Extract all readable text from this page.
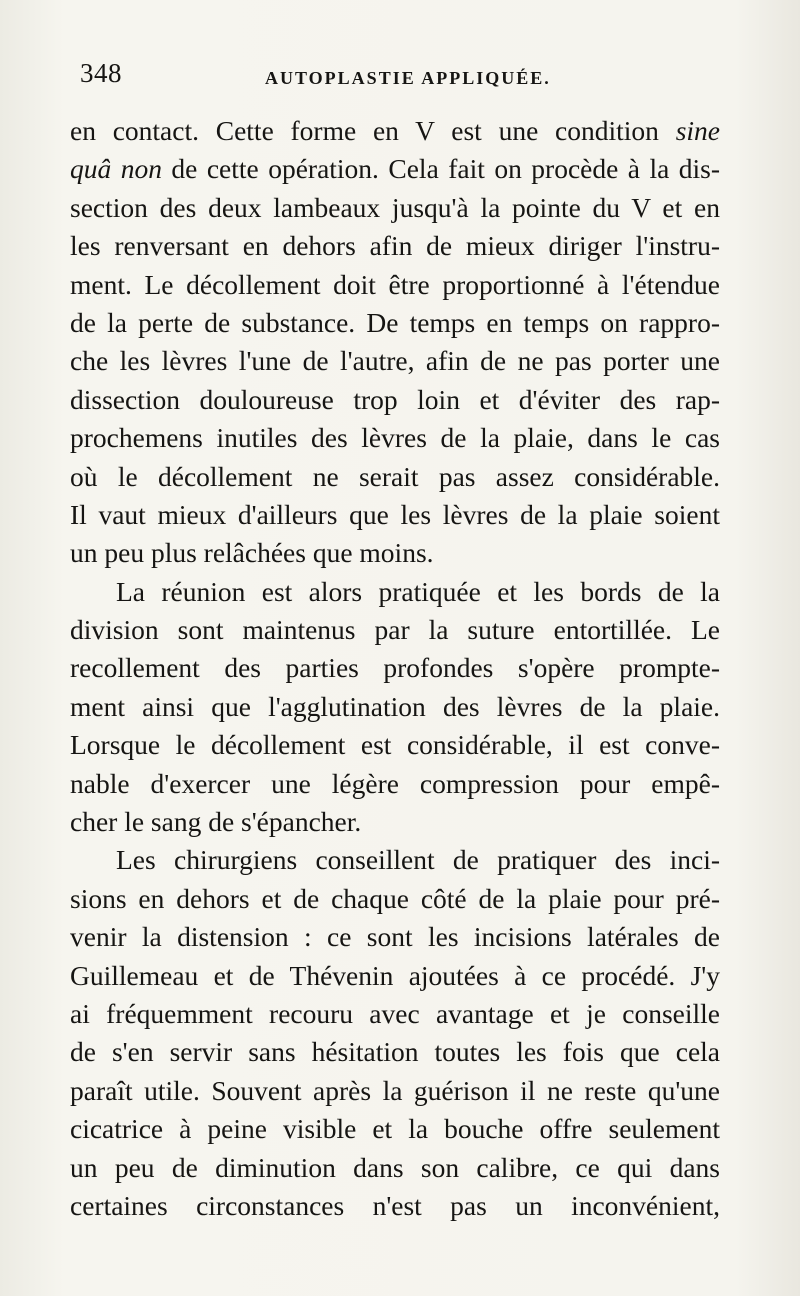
348	AUTOPLASTIE APPLIQUÉE.
en contact. Cette forme en V est une condition sine
quâ non de cette opération. Cela fait on procède à la dis-
section des deux lambeaux jusqu'à la pointe du V et en
les renversant en dehors afin de mieux diriger l'instru-
ment. Le décollement doit être proportionné à l'étendue
de la perte de substance. De temps en temps on rappro-
che les lèvres l'une de l'autre, afin de ne pas porter une
dissection douloureuse trop loin et d'éviter des rap-
prochemens inutiles des lèvres de la plaie, dans le cas
où le décollement ne serait pas assez considérable.
Il vaut mieux d'ailleurs que les lèvres de la plaie soient
un peu plus relâchées que moins.
La réunion est alors pratiquée et les bords de la
division sont maintenus par la suture entortillée. Le
recollement des parties profondes s'opère prompte-
ment ainsi que l'agglutination des lèvres de la plaie.
Lorsque le décollement est considérable, il est conve-
nable d'exercer une légère compression pour empê-
cher le sang de s'épancher.
Les chirurgiens conseillent de pratiquer des inci-
sions en dehors et de chaque côté de la plaie pour pré-
venir la distension : ce sont les incisions latérales de
Guillemeau et de Thévenin ajoutées à ce procédé. J'y
ai fréquemment recouru avec avantage et je conseille
de s'en servir sans hésitation toutes les fois que cela
paraît utile. Souvent après la guérison il ne reste qu'une
cicatrice à peine visible et la bouche offre seulement
un peu de diminution dans son calibre, ce qui dans
certaines circonstances n'est pas un inconvénient,
